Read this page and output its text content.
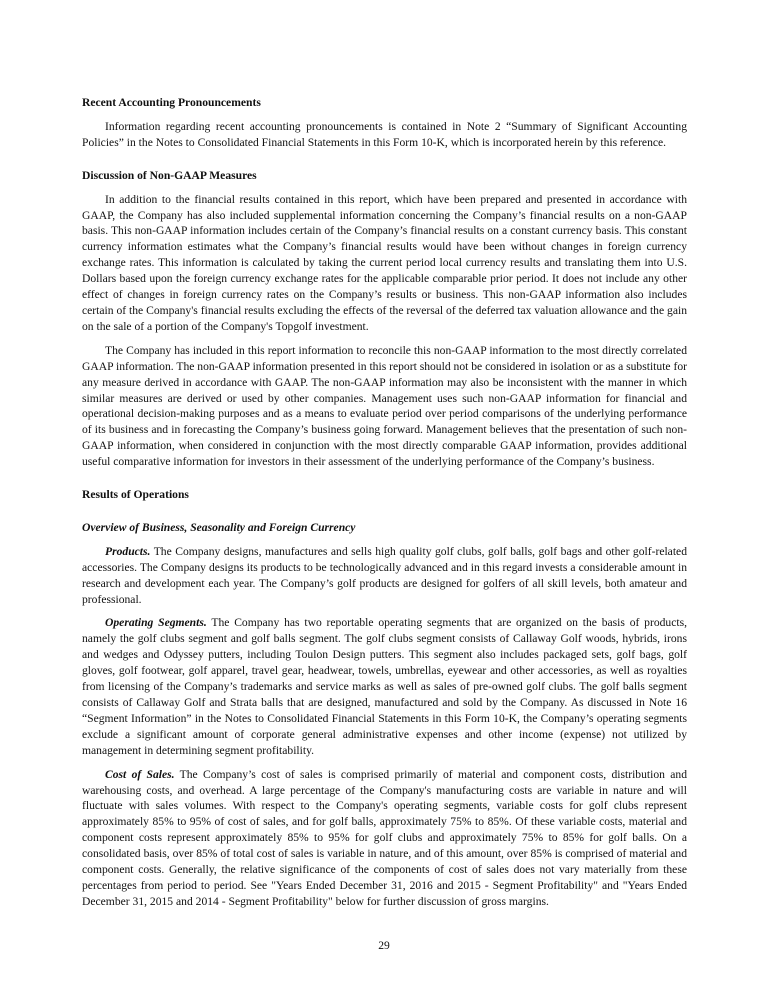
Recent Accounting Pronouncements

Information regarding recent accounting pronouncements is contained in Note 2 “Summary of Significant Accounting Policies” in the Notes to Consolidated Financial Statements in this Form 10-K, which is incorporated herein by this reference.

Discussion of Non-GAAP Measures

In addition to the financial results contained in this report, which have been prepared and presented in accordance with GAAP, the Company has also included supplemental information concerning the Company’s financial results on a non-GAAP basis. This non-GAAP information includes certain of the Company’s financial results on a constant currency basis. This constant currency information estimates what the Company’s financial results would have been without changes in foreign currency exchange rates. This information is calculated by taking the current period local currency results and translating them into U.S. Dollars based upon the foreign currency exchange rates for the applicable comparable prior period. It does not include any other effect of changes in foreign currency rates on the Company’s results or business. This non-GAAP information also includes certain of the Company's financial results excluding the effects of the reversal of the deferred tax valuation allowance and the gain on the sale of a portion of the Company's Topgolf investment.

The Company has included in this report information to reconcile this non-GAAP information to the most directly correlated GAAP information. The non-GAAP information presented in this report should not be considered in isolation or as a substitute for any measure derived in accordance with GAAP. The non-GAAP information may also be inconsistent with the manner in which similar measures are derived or used by other companies. Management uses such non-GAAP information for financial and operational decision-making purposes and as a means to evaluate period over period comparisons of the underlying performance of its business and in forecasting the Company’s business going forward. Management believes that the presentation of such non-GAAP information, when considered in conjunction with the most directly comparable GAAP information, provides additional useful comparative information for investors in their assessment of the underlying performance of the Company’s business.

Results of Operations
Overview of Business, Seasonality and Foreign Currency

Products. The Company designs, manufactures and sells high quality golf clubs, golf balls, golf bags and other golf-related accessories. The Company designs its products to be technologically advanced and in this regard invests a considerable amount in research and development each year. The Company’s golf products are designed for golfers of all skill levels, both amateur and professional.

Operating Segments. The Company has two reportable operating segments that are organized on the basis of products, namely the golf clubs segment and golf balls segment. The golf clubs segment consists of Callaway Golf woods, hybrids, irons and wedges and Odyssey putters, including Toulon Design putters. This segment also includes packaged sets, golf bags, golf gloves, golf footwear, golf apparel, travel gear, headwear, towels, umbrellas, eyewear and other accessories, as well as royalties from licensing of the Company’s trademarks and service marks as well as sales of pre-owned golf clubs. The golf balls segment consists of Callaway Golf and Strata balls that are designed, manufactured and sold by the Company. As discussed in Note 16 “Segment Information” in the Notes to Consolidated Financial Statements in this Form 10-K, the Company’s operating segments exclude a significant amount of corporate general administrative expenses and other income (expense) not utilized by management in determining segment profitability.

Cost of Sales. The Company’s cost of sales is comprised primarily of material and component costs, distribution and warehousing costs, and overhead. A large percentage of the Company's manufacturing costs are variable in nature and will fluctuate with sales volumes. With respect to the Company's operating segments, variable costs for golf clubs represent approximately 85% to 95% of cost of sales, and for golf balls, approximately 75% to 85%. Of these variable costs, material and component costs represent approximately 85% to 95% for golf clubs and approximately 75% to 85% for golf balls. On a consolidated basis, over 85% of total cost of sales is variable in nature, and of this amount, over 85% is comprised of material and component costs. Generally, the relative significance of the components of cost of sales does not vary materially from these percentages from period to period. See "Years Ended December 31, 2016 and 2015 - Segment Profitability" and "Years Ended December 31, 2015 and 2014 - Segment Profitability" below for further discussion of gross margins.

29
